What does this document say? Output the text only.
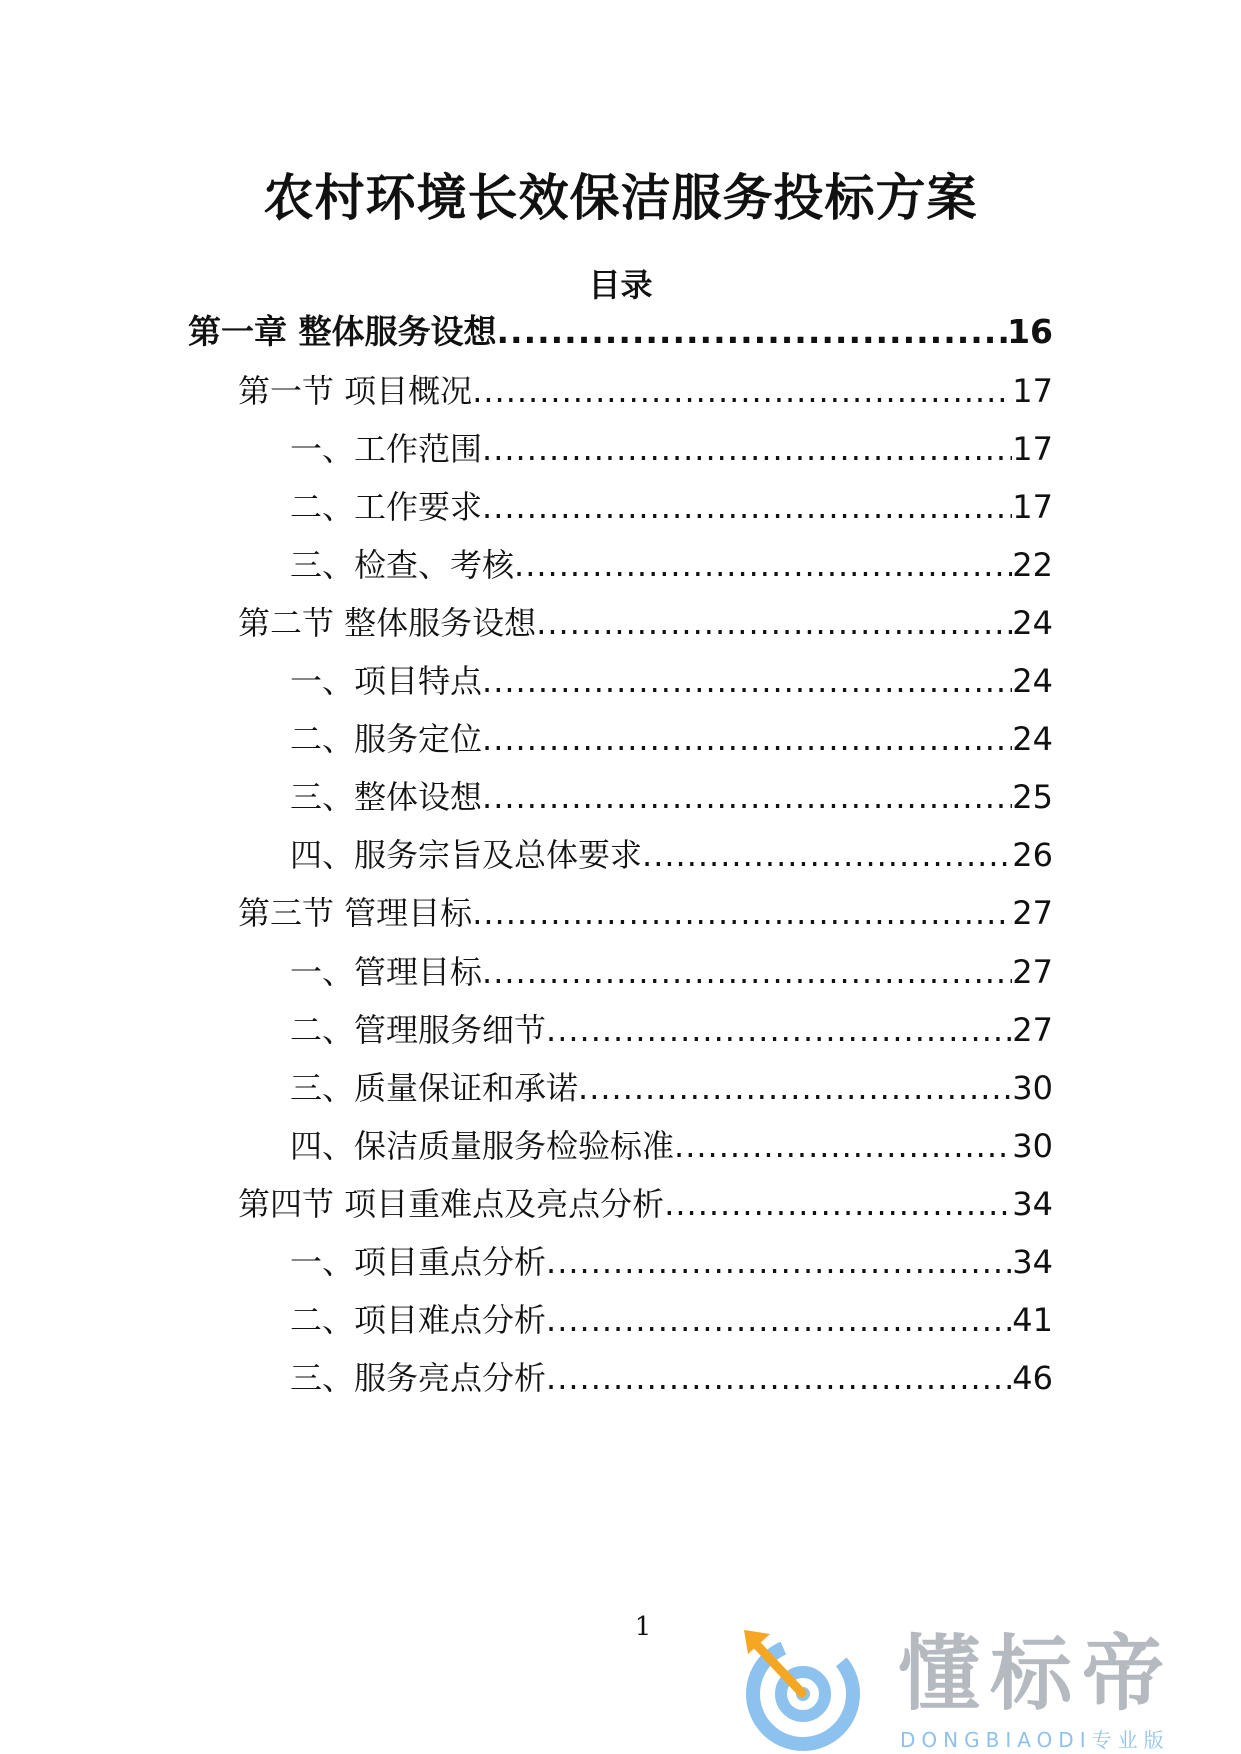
农村环境长效保洁服务投标方案
目录
第一章 整体服务设想 .....	16
第一节 项目概况 .....	17
一、工作范围 .....	17
二、工作要求 .....	17
三、检查、考核 .....	22
第二节 整体服务设想 .....	24
一、项目特点 .....	24
二、服务定位 .....	24
三、整体设想 .....	25
四、服务宗旨及总体要求 .....	26
第三节 管理目标 .....	27
一、管理目标 .....	27
二、管理服务细节 .....	27
三、质量保证和承诺 .....	30
四、保洁质量服务检验标准 .....	30
第四节 项目重难点及亮点分析 .....	34
一、项目重点分析 .....	34
二、项目难点分析 .....	41
三、服务亮点分析 .....	46
1	懂标帝
DONGBIAODI专业版
